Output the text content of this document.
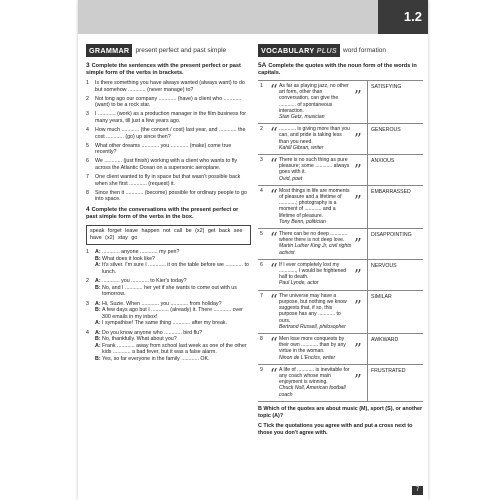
1.2
GRAMMAR present perfect and past simple
3 Complete the sentences with the present perfect or past simple form of the verbs in brackets.
1	Is there something you have always wanted (always want) to do but somehow ............ (never manage) to?
2	Not long ago our company ............ (have) a client who ............ (want) to be a rock star.
3	I ............ (work) as a production manager in the film business for many years, till just a few years ago.
4	How much ............ (the concert / cost) last year, and ............ the cost ............ (go) up since then?
5	What other dreams ............ you ............ (make) come true recently?
6	We ............ (just finish) working with a client who wants to fly across the Atlantic Ocean on a supersonic aeroplane.
7	One client wanted to fly in space but that wasn't possible back when she first ............ (request) it.
8	Since then it ............ (become) possible for ordinary people to go into space.
4 Complete the conversations with the present perfect or past simple form of the verbs in the box.
speak forget leave happen not call be (x2) get back see have (x2) stay go
1	A: ............ anyone ............ my pen?
B: What does it look like?
A: It's silver. I'm sure I ............ it on the table before we ............ to lunch.
2	A: ............ you ............ to Kier's today?
B: No, and I ............ her yet if she wants to come out with us tomorrow.
3	A: Hi, Suzie. When ............ you ............ from holiday?
B: A few days ago but I ............ (already) it. There ............ over 300 emails in my inbox!
A: I sympathise! The same thing ............ after my break.
4	A: Do you know anyone who ............ bird flu?
B: No, thankfully. What about you?
A: Frank ............ away from school last week as one of the other kids ............ a bad fever, but it was a false alarm.
B: Yes, so far everyone in the family ............ OK.
VOCABULARY PLUS word formation
5A Complete the quotes with the noun form of the words in capitals.
1 “ As far as playing jazz, no other art form, other than conversation, can give the ............ of spontaneous interaction.
Stan Getz, musician
”	SATISFYING
2 “ ............ is giving more than you can, and pride is taking less than you need.
Kahlil Gibran, writer	”	GENEROUS
3 “ There is no such thing as pure pleasure; some ............ always goes with it.
Ovid, poet	”	ANXIOUS
4 “ Most things in life are moments of pleasure and a lifetime of ............; photography is a moment of ............ and a lifetime of pleasure.
Tony Benn, politician
”	EMBARRASSED
5 “ There can be no deep ............ where there is not deep love.
Martin Luther King Jr, civil rights activist	”	DISAPPOINTING
6 “ If I ever completely lost my ............, I would be frightened half to death.
Paul Lynde, actor	”	NERVOUS
7 “ The universe may have a purpose, but nothing we know suggests that, if so, this purpose has any ............ to ours.
Bertrand Russell, philosopher
”	SIMILAR
8 “ Men lose more conquests by their own ............ than by any virtue in the woman.
Ninon de L'Enclos, writer	”	AWKWARD
9 “ A life of ............ is inevitable for any coach whose main enjoyment is winning.
Chuck Noll, American football coach
”	FRUSTRATED
B Which of the quotes are about music (M), sport (S), or another topic (A)?
C Tick the quotations you agree with and put a cross next to those you don't agree with.
7
